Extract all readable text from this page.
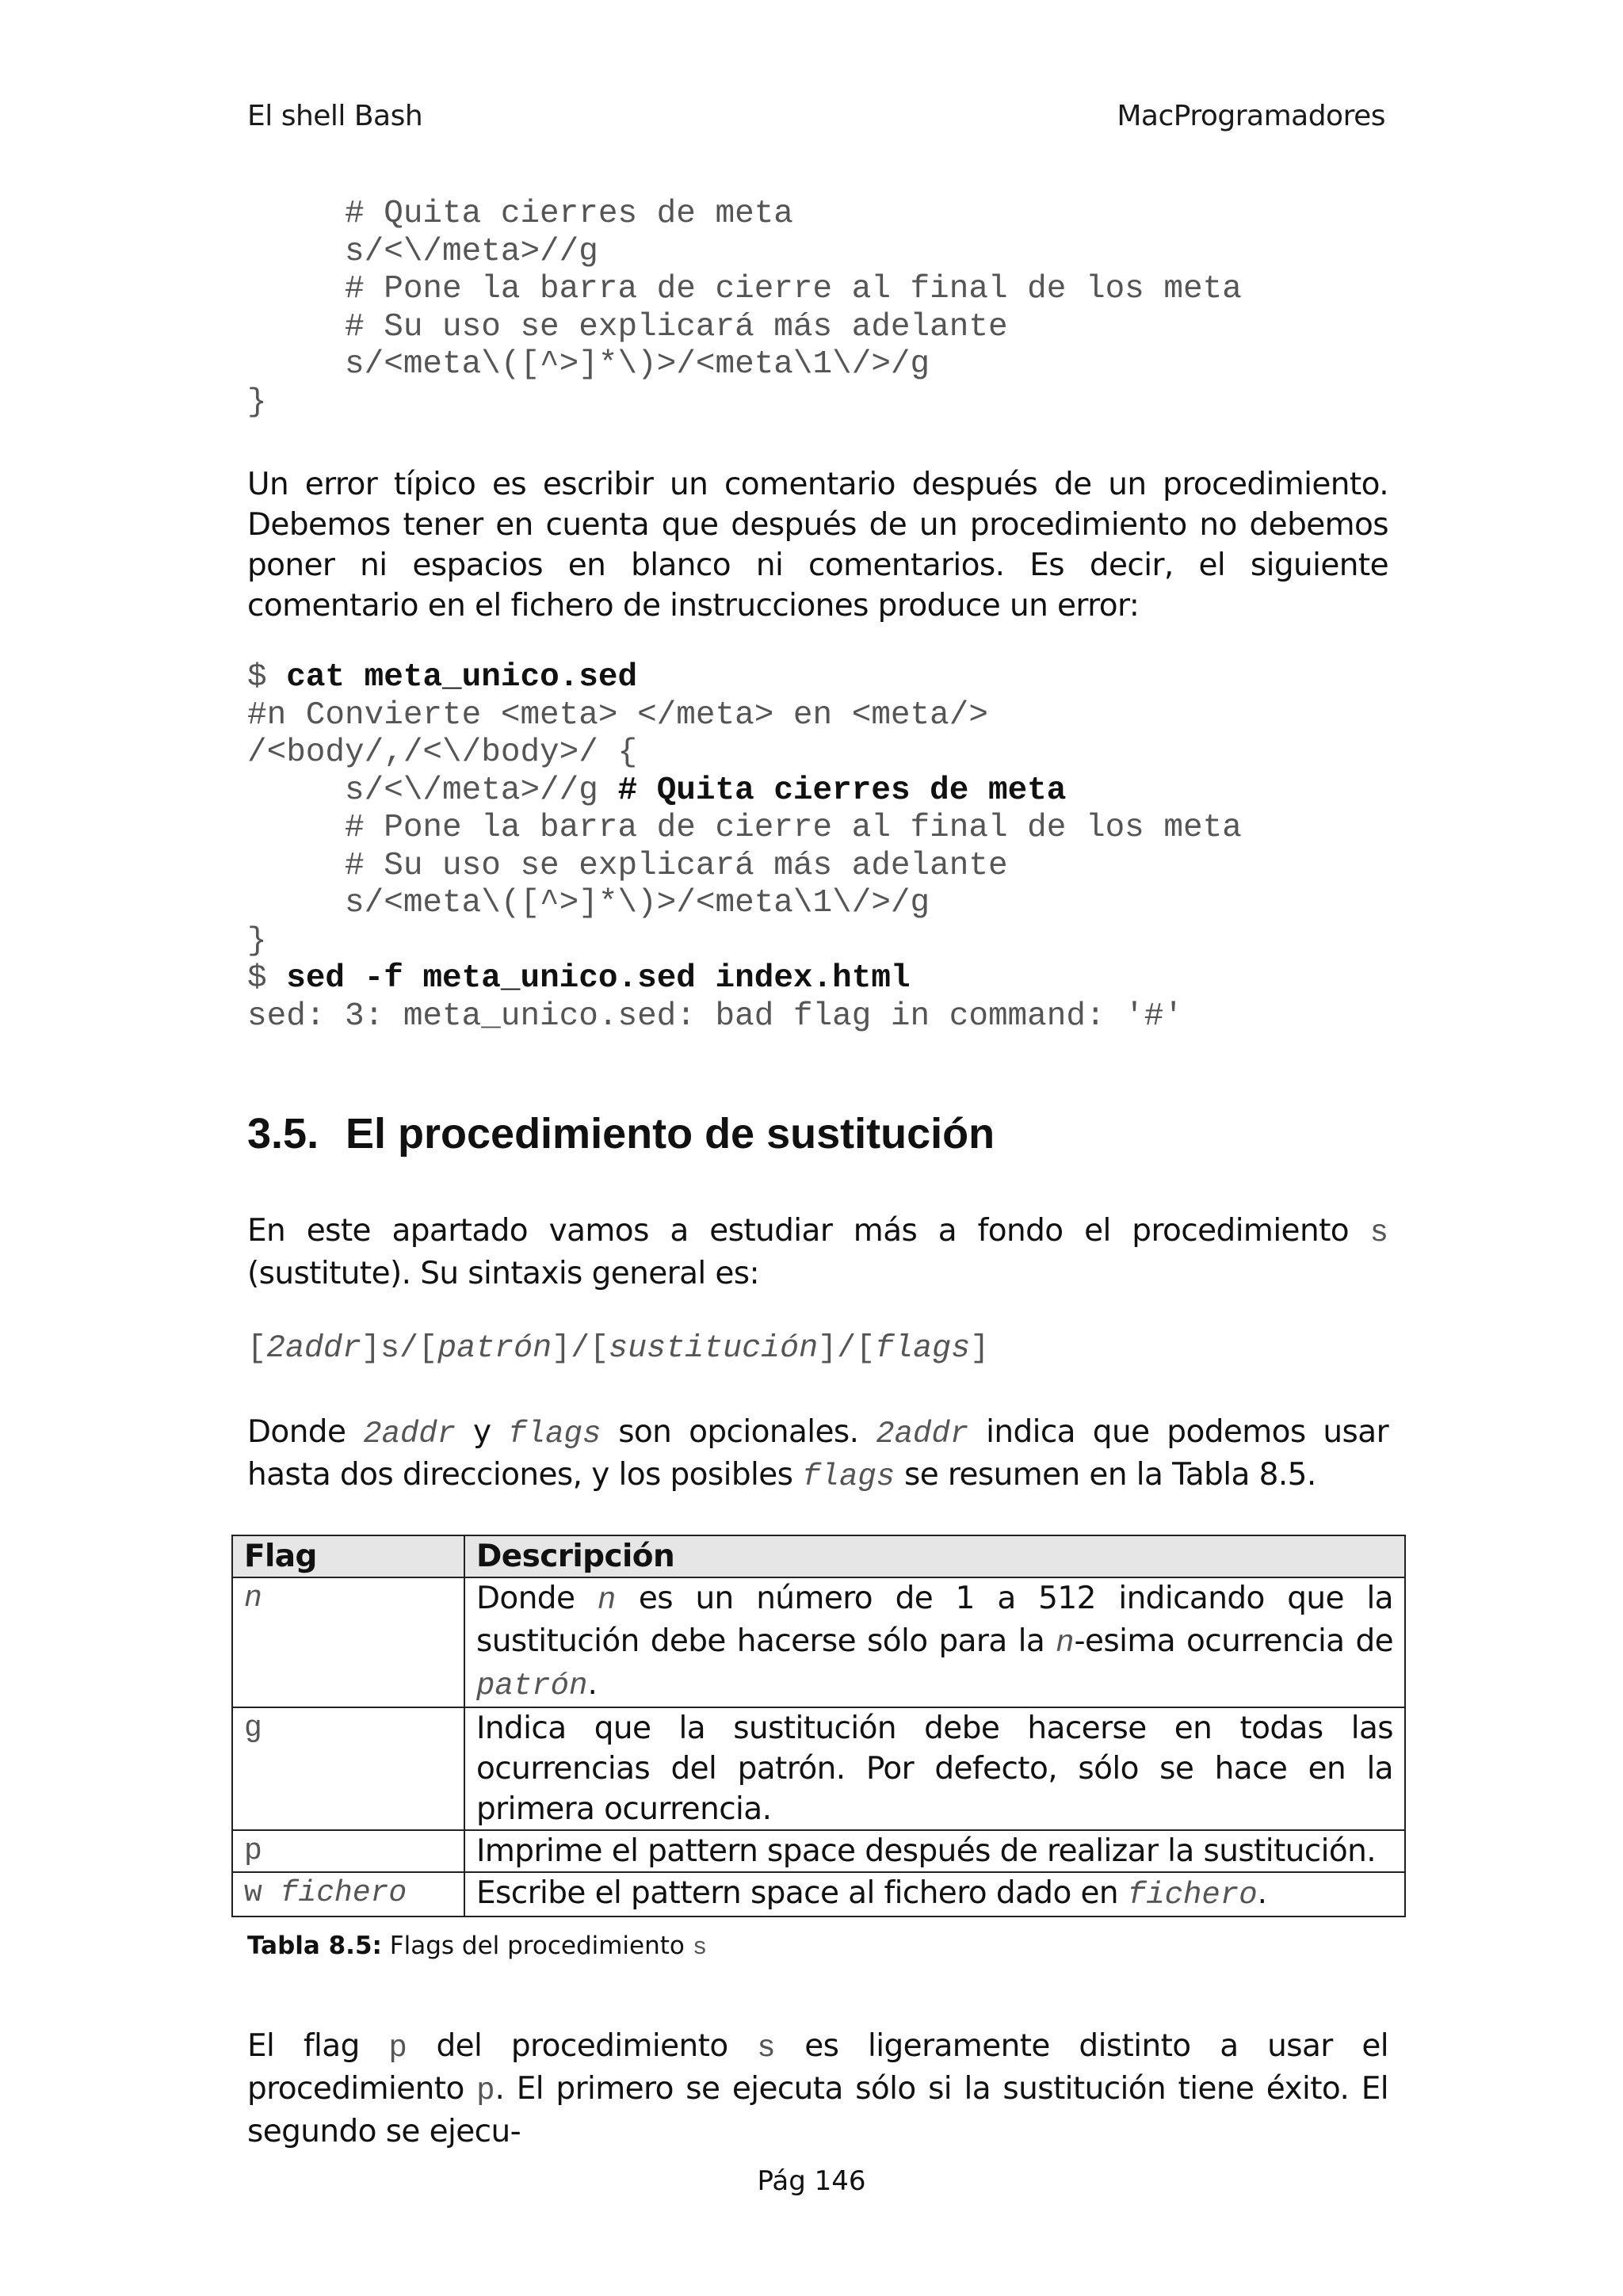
El shell Bash	MacProgramadores
# Quita cierres de meta
s/<\/meta>//g
# Pone la barra de cierre al final de los meta
# Su uso se explicará más adelante
s/<meta\([^>]*\)>/<meta\1\/>/g
}
Un error típico es escribir un comentario después de un procedimiento. Debemos tener en cuenta que después de un procedimiento no debemos poner ni espacios en blanco ni comentarios. Es decir, el siguiente comentario en el fichero de instrucciones produce un error:
$ cat meta_unico.sed
#n Convierte <meta> </meta> en <meta/>
/<body/,/<\/body>/ {
s/<\/meta>//g # Quita cierres de meta
# Pone la barra de cierre al final de los meta
# Su uso se explicará más adelante
s/<meta\([^>]*\)>/<meta\1\/>/g
}
$ sed -f meta_unico.sed index.html
sed: 3: meta_unico.sed: bad flag in command: '#'
3.5. El procedimiento de sustitución
En este apartado vamos a estudiar más a fondo el procedimiento s (sustitute). Su sintaxis general es:
[2addr]s/[patrón]/[sustitución]/[flags]
Donde 2addr y flags son opcionales. 2addr indica que podemos usar hasta dos direcciones, y los posibles flags se resumen en la Tabla 8.5.
Flag	Descripción
n	Donde n es un número de 1 a 512 indicando que la sustitución debe hacerse sólo para la n-esima ocurrencia de patrón.
g	Indica que la sustitución debe hacerse en todas las ocurrencias del patrón. Por defecto, sólo se hace en la primera ocurrencia.
p	Imprime el pattern space después de realizar la sustitución.
w fichero	Escribe el pattern space al fichero dado en fichero.
Tabla 8.5: Flags del procedimiento s
El flag p del procedimiento s es ligeramente distinto a usar el procedimiento p. El primero se ejecuta sólo si la sustitución tiene éxito. El segundo se ejecu-
Pág 146
